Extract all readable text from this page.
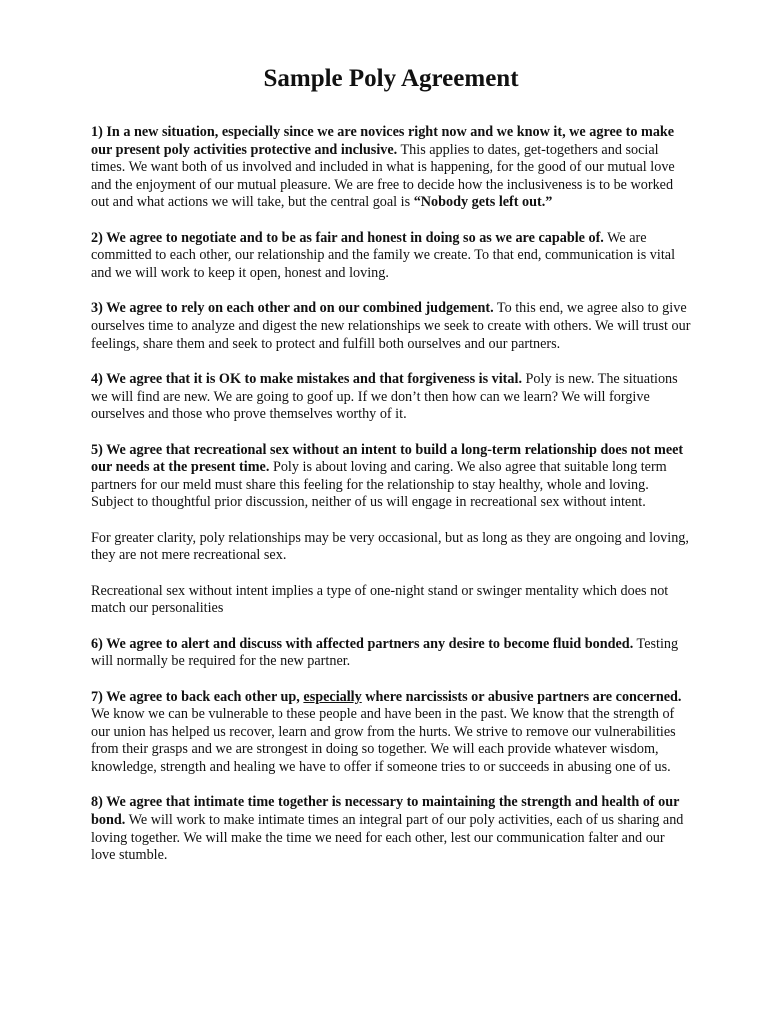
Sample Poly Agreement

1) In a new situation, especially since we are novices right now and we know it, we agree to make our present poly activities protective and inclusive. This applies to dates, get-togethers and social times. We want both of us involved and included in what is happening, for the good of our mutual love and the enjoyment of our mutual pleasure. We are free to decide how the inclusiveness is to be worked out and what actions we will take, but the central goal is “Nobody gets left out.”

2) We agree to negotiate and to be as fair and honest in doing so as we are capable of. We are committed to each other, our relationship and the family we create. To that end, communication is vital and we will work to keep it open, honest and loving.

3) We agree to rely on each other and on our combined judgement. To this end, we agree also to give ourselves time to analyze and digest the new relationships we seek to create with others. We will trust our feelings, share them and seek to protect and fulfill both ourselves and our partners.

4) We agree that it is OK to make mistakes and that forgiveness is vital. Poly is new. The situations we will find are new. We are going to goof up. If we don’t then how can we learn? We will forgive ourselves and those who prove themselves worthy of it.

5) We agree that recreational sex without an intent to build a long-term relationship does not meet our needs at the present time. Poly is about loving and caring. We also agree that suitable long term partners for our meld must share this feeling for the relationship to stay healthy, whole and loving. Subject to thoughtful prior discussion, neither of us will engage in recreational sex without intent.

For greater clarity, poly relationships may be very occasional, but as long as they are ongoing and loving, they are not mere recreational sex.

Recreational sex without intent implies a type of one-night stand or swinger mentality which does not match our personalities

6) We agree to alert and discuss with affected partners any desire to become fluid bonded. Testing will normally be required for the new partner.

7) We agree to back each other up, especially where narcissists or abusive partners are concerned. We know we can be vulnerable to these people and have been in the past. We know that the strength of our union has helped us recover, learn and grow from the hurts. We strive to remove our vulnerabilities from their grasps and we are strongest in doing so together. We will each provide whatever wisdom, knowledge, strength and healing we have to offer if someone tries to or succeeds in abusing one of us.

8) We agree that intimate time together is necessary to maintaining the strength and health of our bond. We will work to make intimate times an integral part of our poly activities, each of us sharing and loving together. We will make the time we need for each other, lest our communication falter and our love stumble.
